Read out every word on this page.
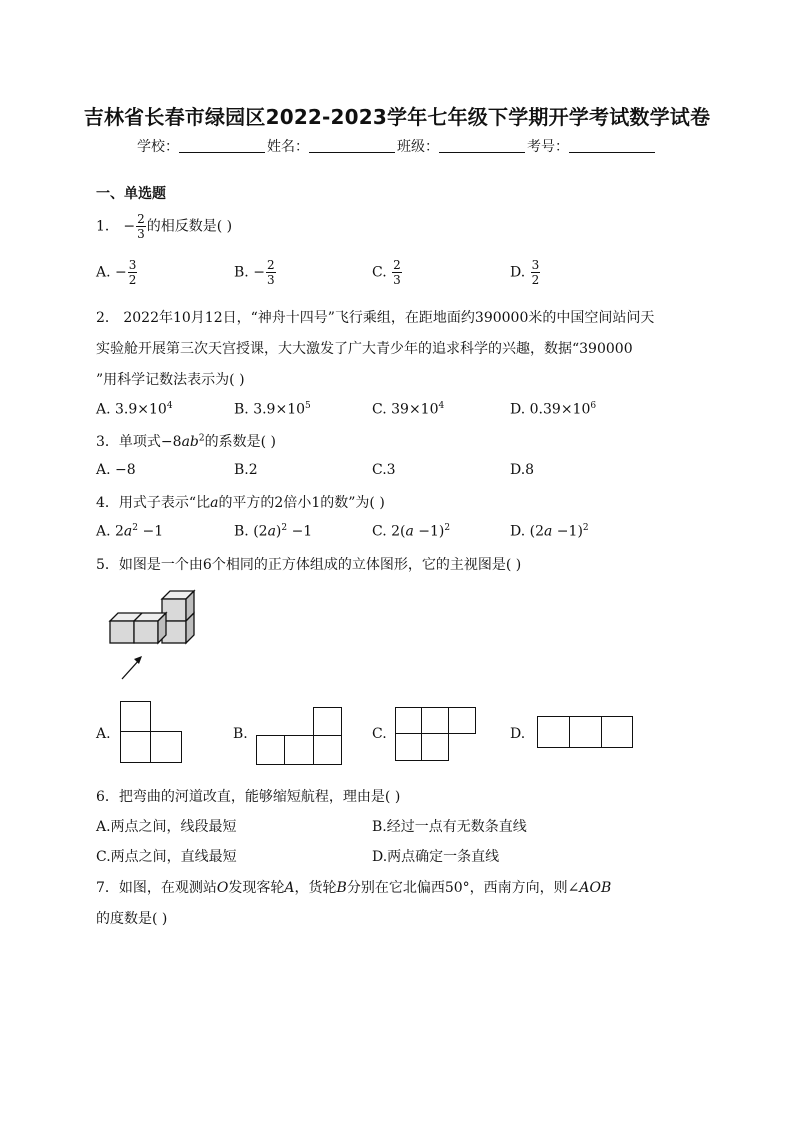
吉林省长春市绿园区2022-2023学年七年级下学期开学考试数学试卷
学校：	姓名：	班级：	考号：
一、单选题
1． − $\frac{2}{3}$ 的相反数是( )
A. − $\frac{3}{2}$	B. − $\frac{2}{3}$	C. $\frac{2}{3}$	D. $\frac{3}{2}$
2． 2022年10月12日，“神舟十四号”飞行乘组，在距地面约390000米的中国空间站问天
实验舱开展第三次天宫授课，大大激发了广大青少年的追求科学的兴趣，数据“390000
”用科学记数法表示为( )
A. $3.9\times 10^4$	B. $3.9\times 10^5$	C. $39\times 10^4$	D. $0.39\times 10^6$
3．单项式$-8ab^2$的系数是( )
A. −8	B.2	C.3	D.8
4．用式子表示“比a的平方的2倍小1的数”为( )
A. $2a^2 -1$	B. $(2a)^2 -1$	C. $2(a -1)^2$	D. $(2a -1)^2$
5．如图是一个由6个相同的正方体组成的立体图形，它的主视图是( )
A.	B.	C.	D.
6．把弯曲的河道改直，能够缩短航程，理由是( )
A.两点之间，线段最短	B.经过一点有无数条直线
C.两点之间，直线最短	D.两点确定一条直线
7．如图，在观测站O发现客轮A，货轮B分别在它北偏西50°，西南方向，则∠AOB
的度数是( )
